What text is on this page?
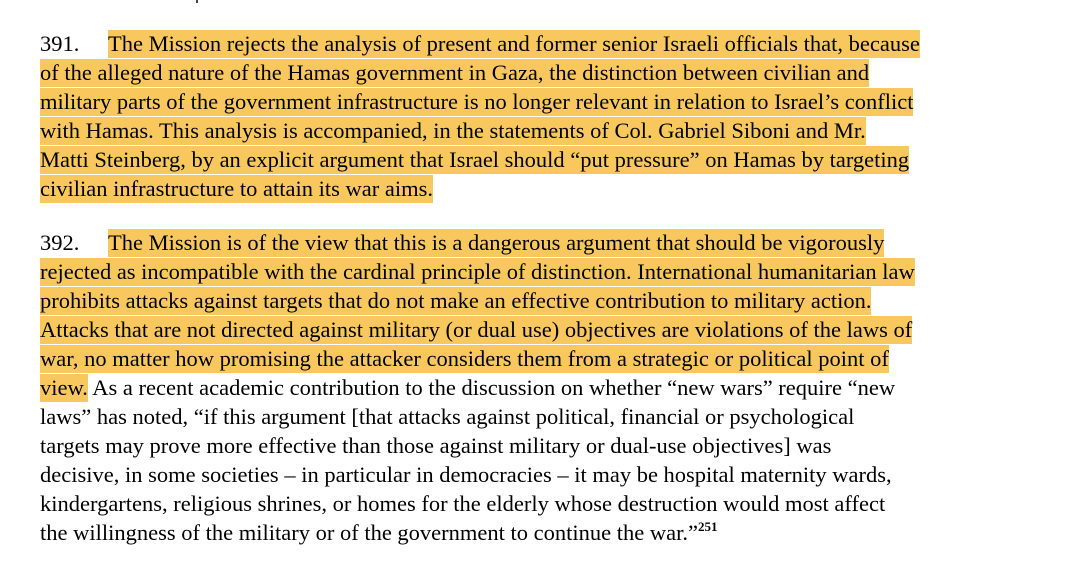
391. The Mission rejects the analysis of present and former senior Israeli officials that, because
of the alleged nature of the Hamas government in Gaza, the distinction between civilian and
military parts of the government infrastructure is no longer relevant in relation to Israel’s conflict
with Hamas. This analysis is accompanied, in the statements of Col. Gabriel Siboni and Mr.
Matti Steinberg, by an explicit argument that Israel should “put pressure” on Hamas by targeting
civilian infrastructure to attain its war aims.
392. The Mission is of the view that this is a dangerous argument that should be vigorously
rejected as incompatible with the cardinal principle of distinction. International humanitarian law
prohibits attacks against targets that do not make an effective contribution to military action.
Attacks that are not directed against military (or dual use) objectives are violations of the laws of
war, no matter how promising the attacker considers them from a strategic or political point of
view. As a recent academic contribution to the discussion on whether “new wars” require “new
laws” has noted, “if this argument [that attacks against political, financial or psychological
targets may prove more effective than those against military or dual-use objectives] was
decisive, in some societies – in particular in democracies – it may be hospital maternity wards,
kindergartens, religious shrines, or homes for the elderly whose destruction would most affect
the willingness of the military or of the government to continue the war.”$^{251}$
